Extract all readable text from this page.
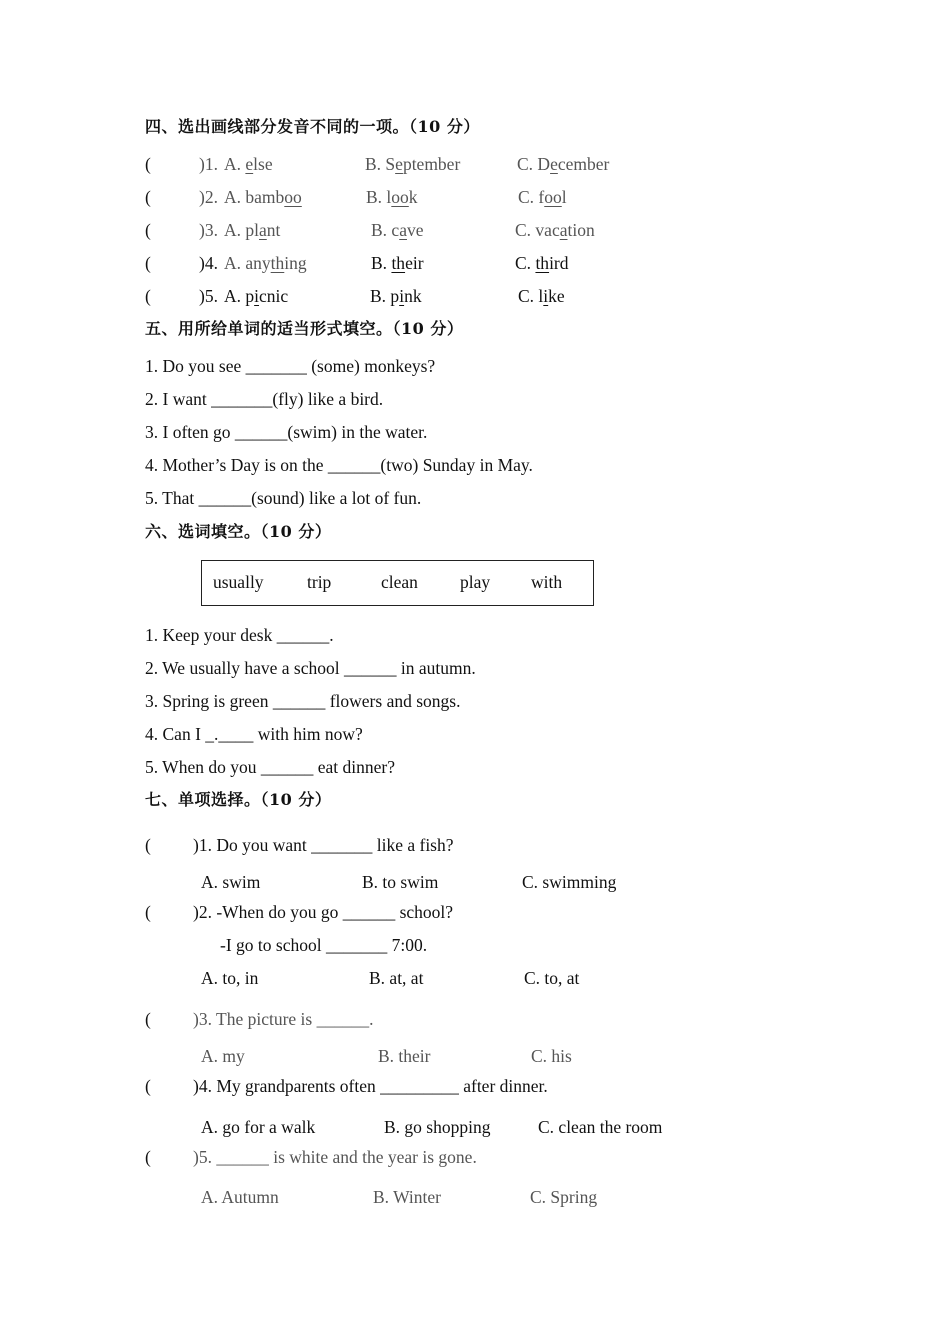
四、选出画线部分发音不同的一项。（10 分）
(	)1. A. else	B. September	C. December
(	)2. A. bamboo	B. look	C. fool
(	)3. A. plant	B. cave	C. vacation
(	)4. A. anything	B. their	C. third
(	)5. A. picnic	B. pink	C. like
五、用所给单词的适当形式填空。（10 分）
1. Do you see _______ (some) monkeys?
2. I want _______(fly) like a bird.
3. I often go ______(swim) in the water.
4. Mother’s Day is on the ______(two) Sunday in May.
5. That ______(sound) like a lot of fun.
六、选词填空。（10 分）
usually trip	clean play with
1. Keep your desk ______.
2. We usually have a school ______ in autumn.
3. Spring is green ______ flowers and songs.
4. Can I _.____ with him now?
5. When do you ______ eat dinner?
七、单项选择。（10 分）
( )1. Do you want _______ like a fish?
A. swim	B. to swim	C. swimming
( )2. -When do you go ______ school?
-I go to school _______ 7:00.
A. to, in	B. at, at	C. to, at
( )3. The picture is ______.
A. my	B. their	C. his
( )4. My grandparents often _________ after dinner.
A. go for a walk	B. go shopping	C. clean the room
( )5. ______ is white and the year is gone.
A. Autumn	B. Winter	C. Spring
